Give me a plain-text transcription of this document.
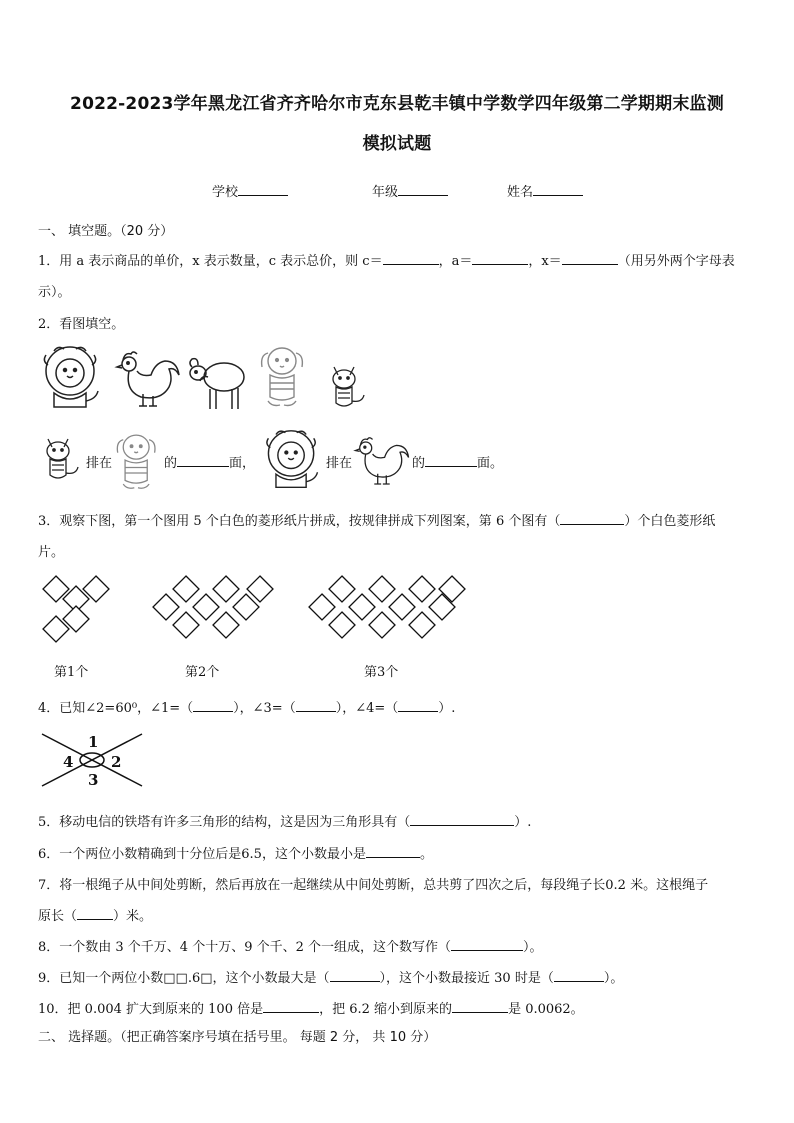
2022-2023学年黑龙江省齐齐哈尔市克东县乾丰镇中学数学四年级第二学期期末监测
模拟试题
学校	年级	姓名
一、 填空题。（20 分）
1．用 a 表示商品的单价，x 表示数量，c 表示总价，则 c＝	，a＝	，x＝	（用另外两个字母表
示）。
2．看图填空。
排在	的	面，	排在	的	面。
3．观察下图，第一个图用 5 个白色的菱形纸片拼成，按规律拼成下列图案，第 6 个图有（	）个白色菱形纸
片。
第1个	第2个	第3个
4．已知∠2=60⁰，∠1=（	），∠3=（	），∠4=（	）.
1
2
3
4
5．移动电信的铁塔有许多三角形的结构，这是因为三角形具有（	）.
6．一个两位小数精确到十分位后是6.5，这个小数最小是	。
7．将一根绳子从中间处剪断，然后再放在一起继续从中间处剪断，总共剪了四次之后，每段绳子长0.2 米。这根绳子
原长（	）米。
8．一个数由 3 个千万、4 个十万、9 个千、2 个一组成，这个数写作（	）。
9．已知一个两位小数□□.6□，这个小数最大是（	），这个小数最接近 30 时是（	）。
10．把 0.004 扩大到原来的 100 倍是	，把 6.2 缩小到原来的	是 0.0062。
二、 选择题。（把正确答案序号填在括号里。 每题 2 分， 共 10 分）
